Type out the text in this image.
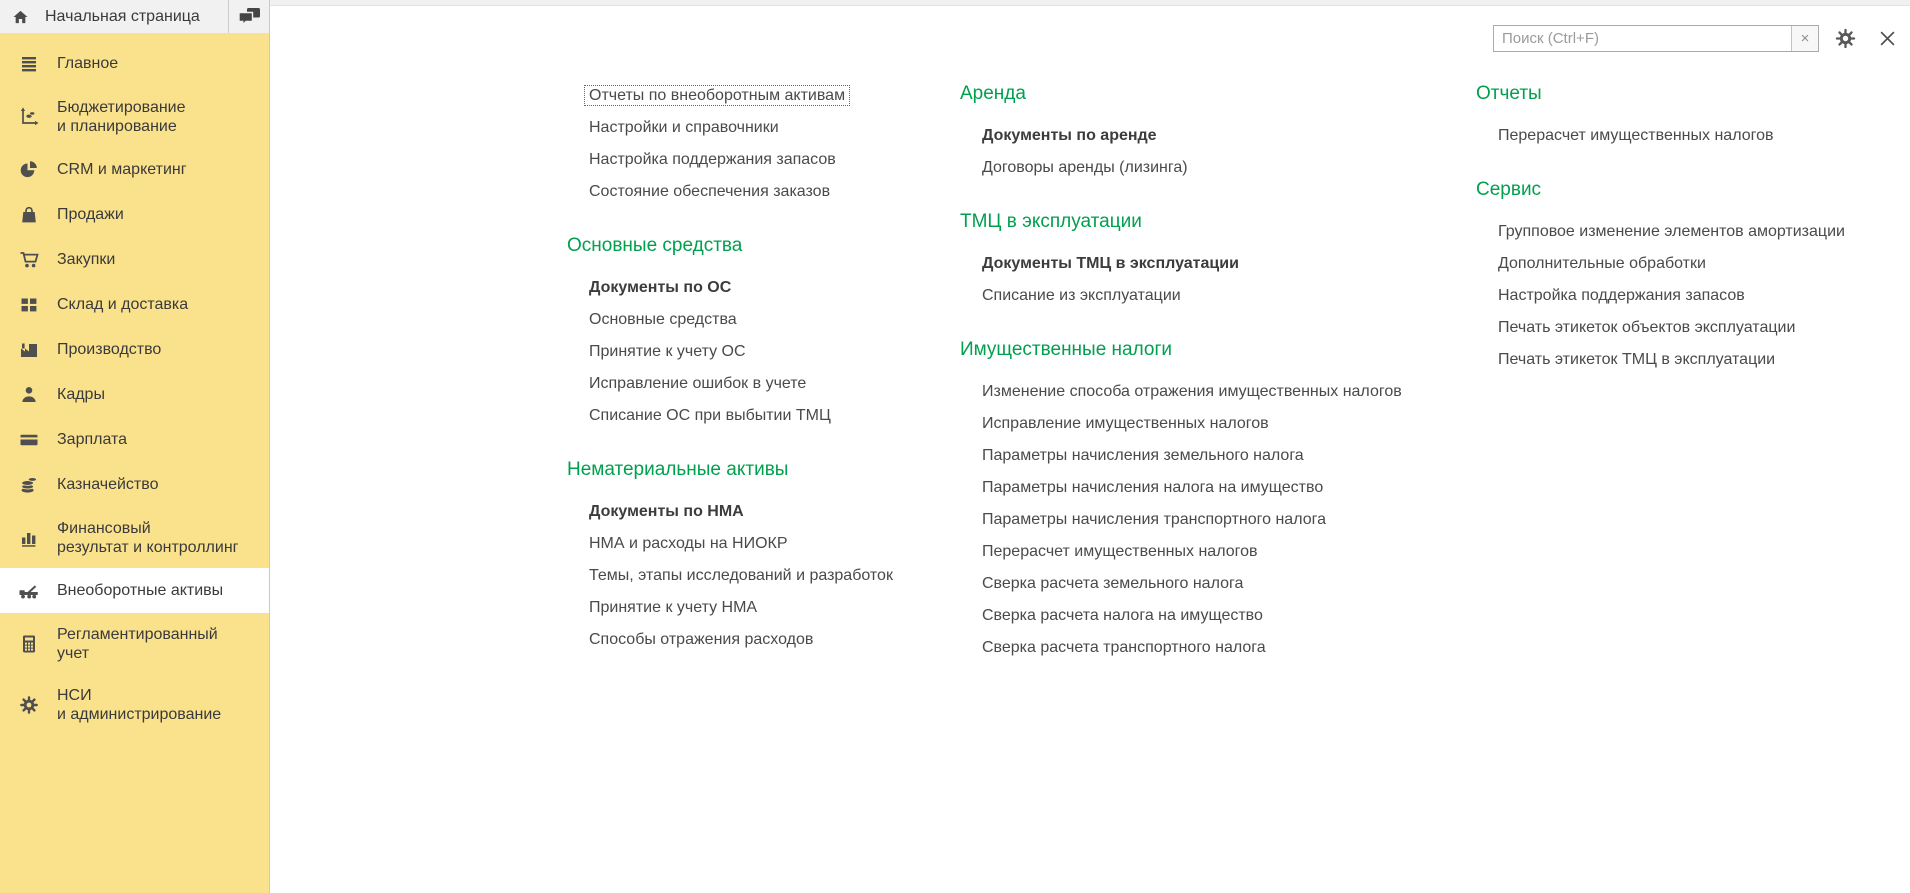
Начальная страница
Главное
Бюджетирование
и планирование
CRM и маркетинг
Продажи
Закупки
Склад и доставка
Производство
Кадры
Зарплата
Казначейство
Финансовый
результат и контроллинг
Внеоборотные активы
Регламентированный
учет
НСИ
и администрирование
Поиск (Ctrl+F)
×
Отчеты по внеоборотным активам
Настройки и справочники
Настройка поддержания запасов
Состояние обеспечения заказов
Основные средства
Документы по ОС
Основные средства
Принятие к учету ОС
Исправление ошибок в учете
Списание ОС при выбытии ТМЦ
Нематериальные активы
Документы по НМА
НМА и расходы на НИОКР
Темы, этапы исследований и разработок
Принятие к учету НМА
Способы отражения расходов
Аренда
Документы по аренде
Договоры аренды (лизинга)
ТМЦ в эксплуатации
Документы ТМЦ в эксплуатации
Списание из эксплуатации
Имущественные налоги
Изменение способа отражения имущественных налогов
Исправление имущественных налогов
Параметры начисления земельного налога
Параметры начисления налога на имущество
Параметры начисления транспортного налога
Перерасчет имущественных налогов
Сверка расчета земельного налога
Сверка расчета налога на имущество
Сверка расчета транспортного налога
Отчеты
Перерасчет имущественных налогов
Сервис
Групповое изменение элементов амортизации
Дополнительные обработки
Настройка поддержания запасов
Печать этикеток объектов эксплуатации
Печать этикеток ТМЦ в эксплуатации
